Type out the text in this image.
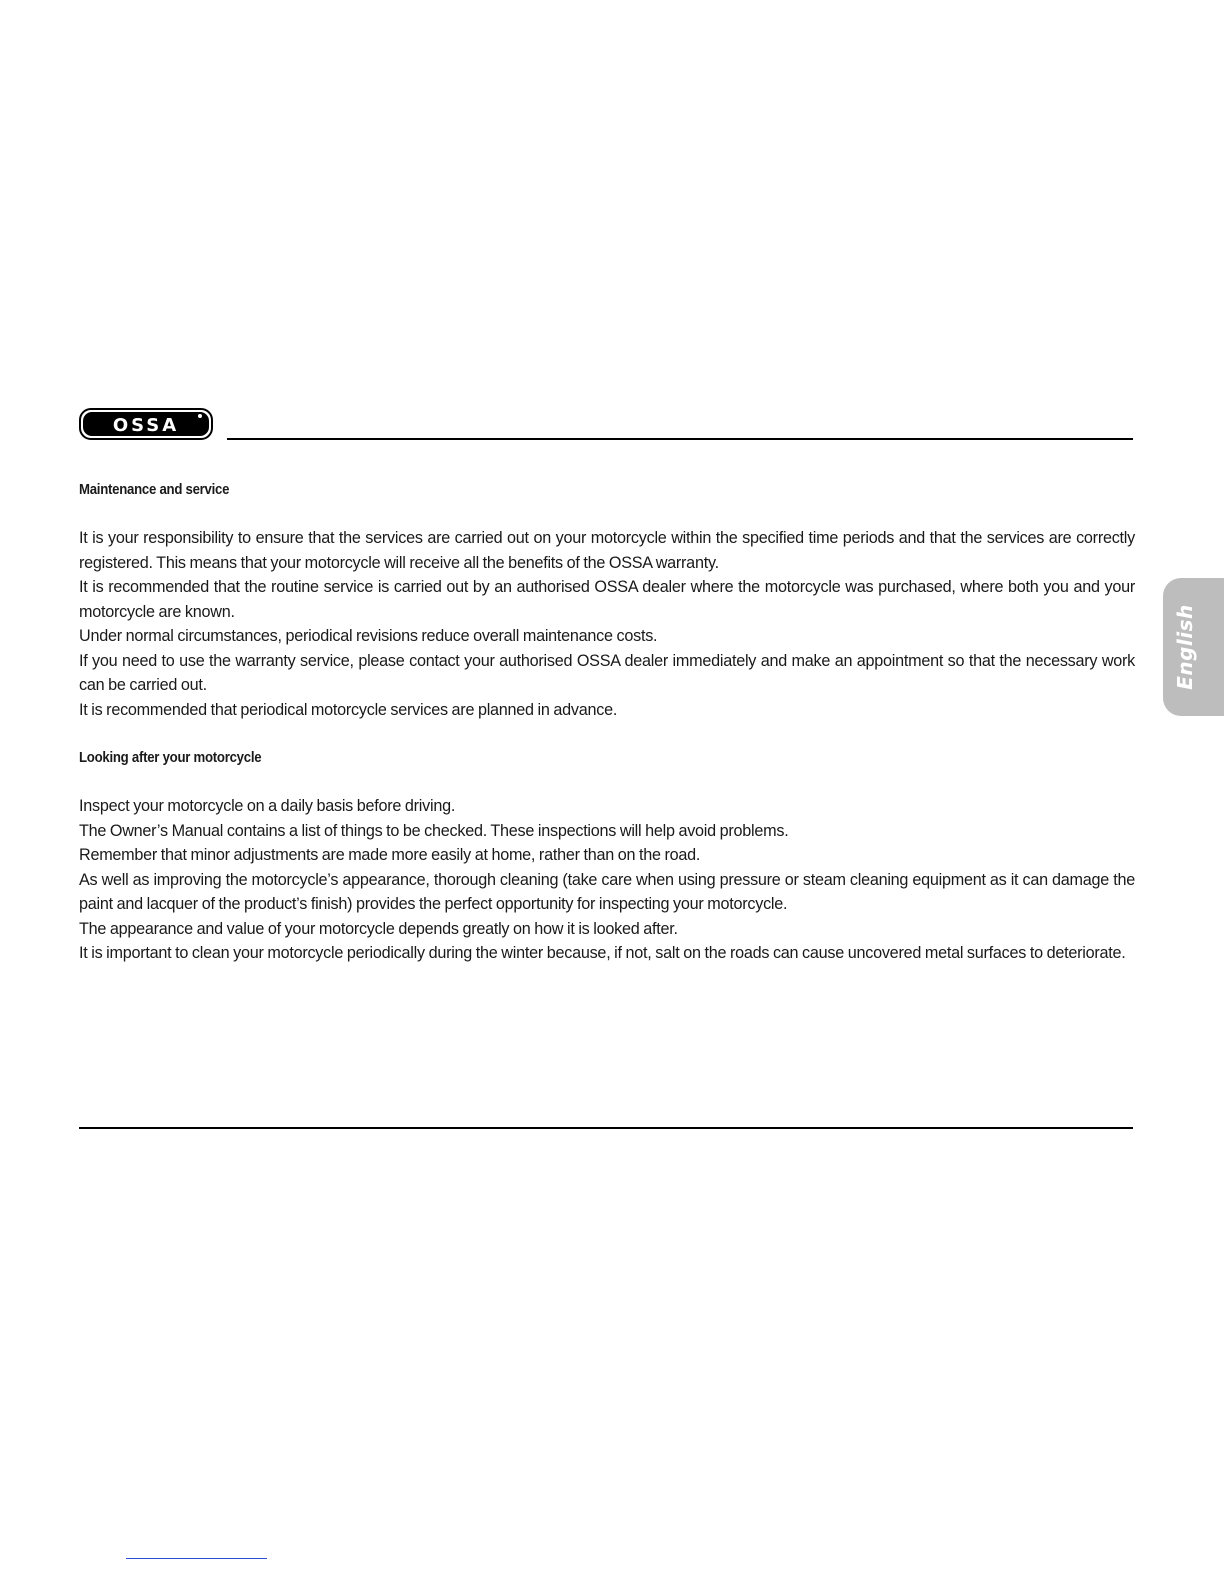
OSSA
Maintenance and service

It is your responsibility to ensure that the services are carried out on your motorcycle within the specified time periods and that the services are correctly registered. This means that your motorcycle will receive all the benefits of the OSSA warranty.

It is recommended that the routine service is carried out by an authorised OSSA dealer where the motorcycle was purchased, where both you and your motorcycle are known.

Under normal circumstances, periodical revisions reduce overall maintenance costs.

If you need to use the warranty service, please contact your authorised OSSA dealer immediately and make an appointment so that the necessary work can be carried out.

It is recommended that periodical motorcycle services are planned in advance.

Looking after your motorcycle

Inspect your motorcycle on a daily basis before driving.

The Owner’s Manual contains a list of things to be checked. These inspections will help avoid problems.

Remember that minor adjustments are made more easily at home, rather than on the road.

As well as improving the motorcycle’s appearance, thorough cleaning (take care when using pressure or steam cleaning equipment as it can damage the paint and lacquer of the product’s finish) provides the perfect opportunity for inspecting your motorcycle.

The appearance and value of your motorcycle depends greatly on how it is looked after.

It is important to clean your motorcycle periodically during the winter because, if not, salt on the roads can cause uncovered metal surfaces to deteriorate.

English
